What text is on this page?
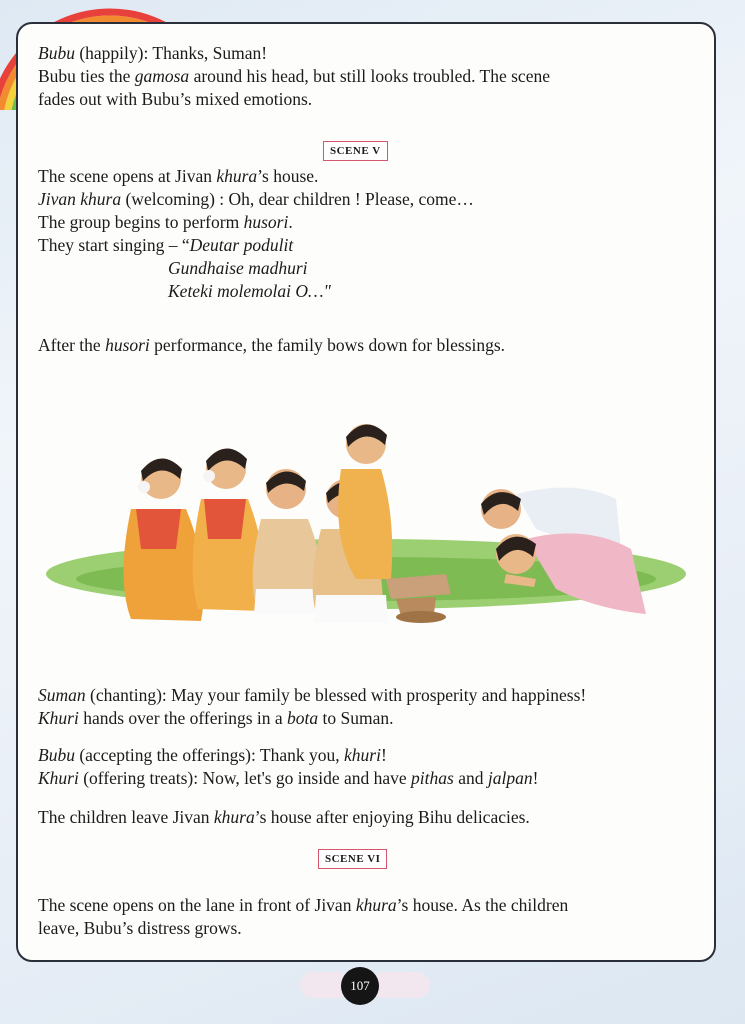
Bubu (happily): Thanks, Suman!
Bubu ties the gamosa around his head, but still looks troubled. The scene
fades out with Bubu’s mixed emotions.
SCENE V
The scene opens at Jivan khura’s house.
Jivan khura (welcoming) : Oh, dear children ! Please, come…
The group begins to perform husori.
They start singing – “Deutar podulit
Gundhaise madhuri
Keteki molemolai O…"
After the husori performance, the family bows down for blessings.
Suman (chanting): May your family be blessed with prosperity and happiness!
Khuri hands over the offerings in a bota to Suman.
Bubu (accepting the offerings): Thank you, khuri!
Khuri (offering treats): Now, let's go inside and have pithas and jalpan!
The children leave Jivan khura’s house after enjoying Bihu delicacies.
SCENE VI
The scene opens on the lane in front of Jivan khura’s house. As the children
leave, Bubu’s distress grows.
107
